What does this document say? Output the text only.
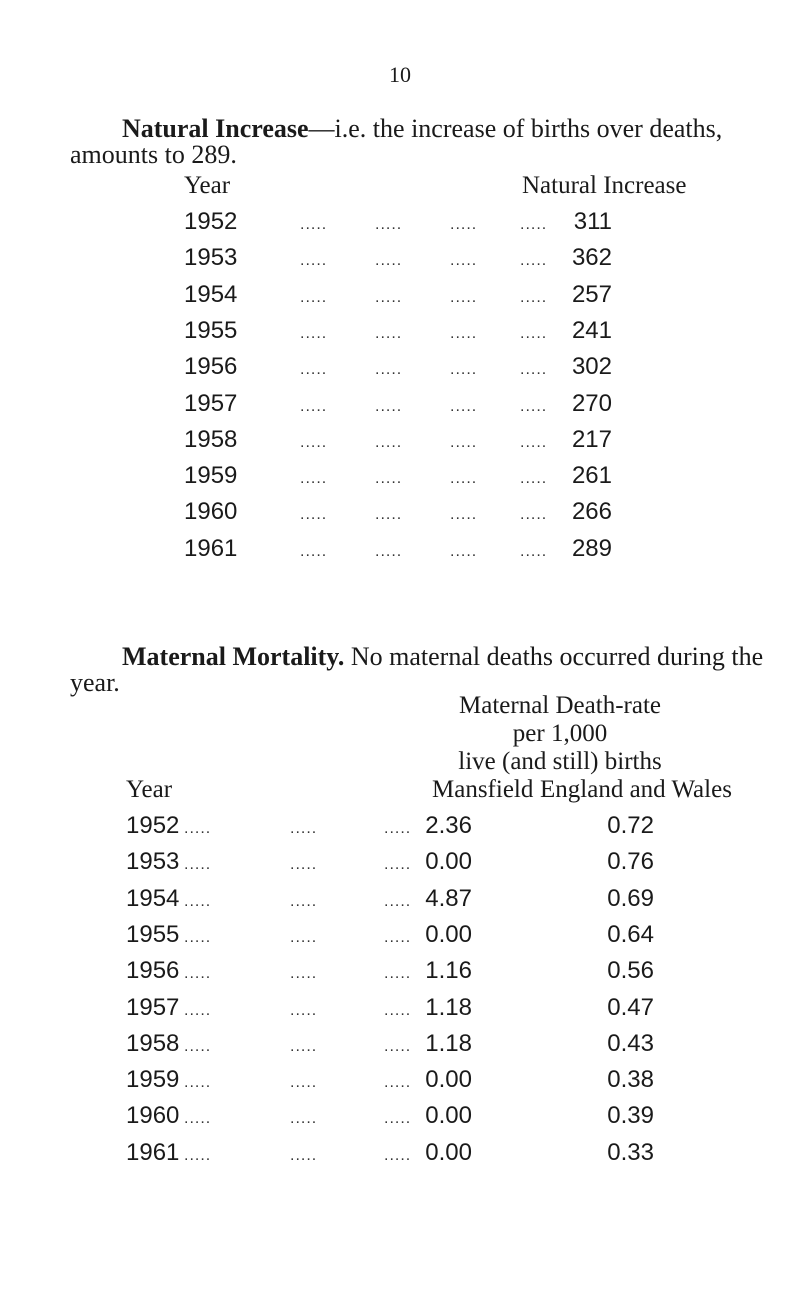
10
Natural Increase—i.e. the increase of births over deaths,
amounts to 289.
Year	Natural Increase
1952	.....	.....	.....	.....	311
1953	.....	.....	.....	.....	362
1954	.....	.....	.....	.....	257
1955	.....	.....	.....	.....	241
1956	.....	.....	.....	.....	302
1957	.....	.....	.....	.....	270
1958	.....	.....	.....	.....	217
1959	.....	.....	.....	.....	261
1960	.....	.....	.....	.....	266
1961	.....	.....	.....	.....	289
Maternal Mortality. No maternal deaths occurred during the
year.
Maternal Death-rate
per 1,000
live (and still) births
Year	Mansfield England and Wales
1952 .....	.....	..... 2.36	0.72
1953 .....	.....	..... 0.00	0.76
1954 .....	.....	..... 4.87	0.69
1955 .....	.....	..... 0.00	0.64
1956 .....	.....	..... 1.16	0.56
1957 .....	.....	..... 1.18	0.47
1958 .....	.....	..... 1.18	0.43
1959 .....	.....	..... 0.00	0.38
1960 .....	.....	..... 0.00	0.39
1961 .....	.....	..... 0.00	0.33
